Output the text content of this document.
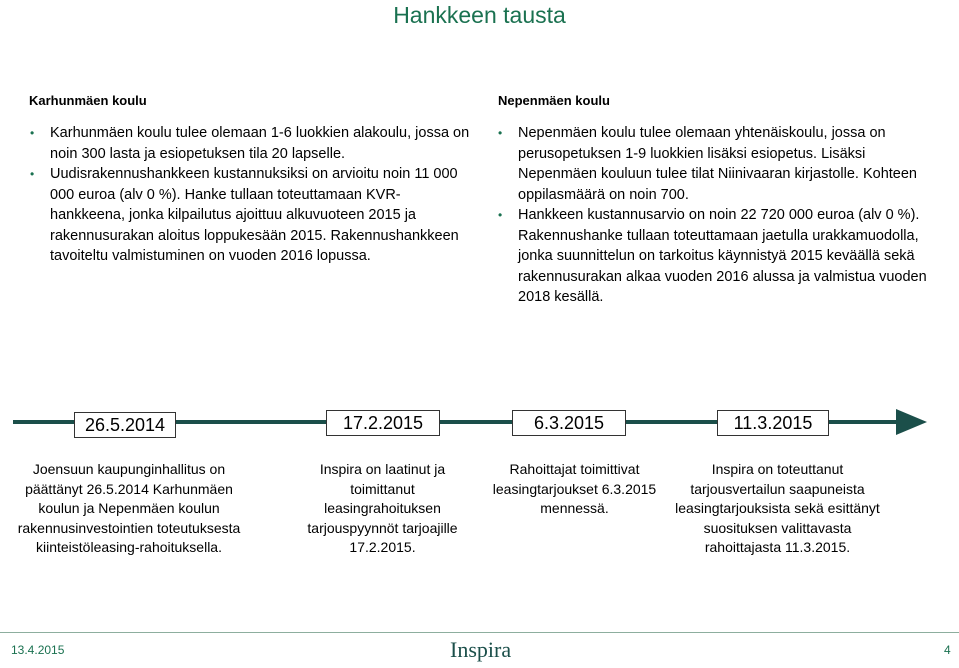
Hankkeen tausta
Karhunmäen koulu
• Karhunmäen koulu tulee olemaan 1-6 luokkien alakoulu, jossa on noin 300 lasta ja esiopetuksen tila 20 lapselle.
• Uudisrakennushankkeen kustannuksiksi on arvioitu noin 11 000 000 euroa (alv 0 %). Hanke tullaan toteuttamaan KVR-hankkeena, jonka kilpailutus ajoittuu alkuvuoteen 2015 ja rakennusurakan aloitus loppukesään 2015. Rakennushankkeen tavoiteltu valmistuminen on vuoden 2016 lopussa.
Nepenmäen koulu
• Nepenmäen koulu tulee olemaan yhtenäiskoulu, jossa on perusopetuksen 1-9 luokkien lisäksi esiopetus. Lisäksi Nepenmäen kouluun tulee tilat Niinivaaran kirjastolle. Kohteen oppilasmäärä on noin 700.
• Hankkeen kustannusarvio on noin 22 720 000 euroa (alv 0 %). Rakennushanke tullaan toteuttamaan jaetulla urakkamuodolla, jonka suunnittelun on tarkoitus käynnistyä 2015 keväällä sekä rakennusurakan alkaa vuoden 2016 alussa ja valmistua vuoden 2018 kesällä.
26.5.2014	17.2.2015	6.3.2015	11.3.2015
Joensuun kaupunginhallitus on päättänyt 26.5.2014 Karhunmäen koulun ja Nepenmäen koulun rakennusinvestointien toteutuksesta kiinteistöleasing-rahoituksella.
Inspira on laatinut ja toimittanut leasingrahoituksen tarjouspyynnöt tarjoajille 17.2.2015.
Rahoittajat toimittivat leasingtarjoukset 6.3.2015 mennessä.
Inspira on toteuttanut tarjousvertailun saapuneista leasingtarjouksista sekä esittänyt suosituksen valittavasta rahoittajasta 11.3.2015.
13.4.2015	Inspira	4
